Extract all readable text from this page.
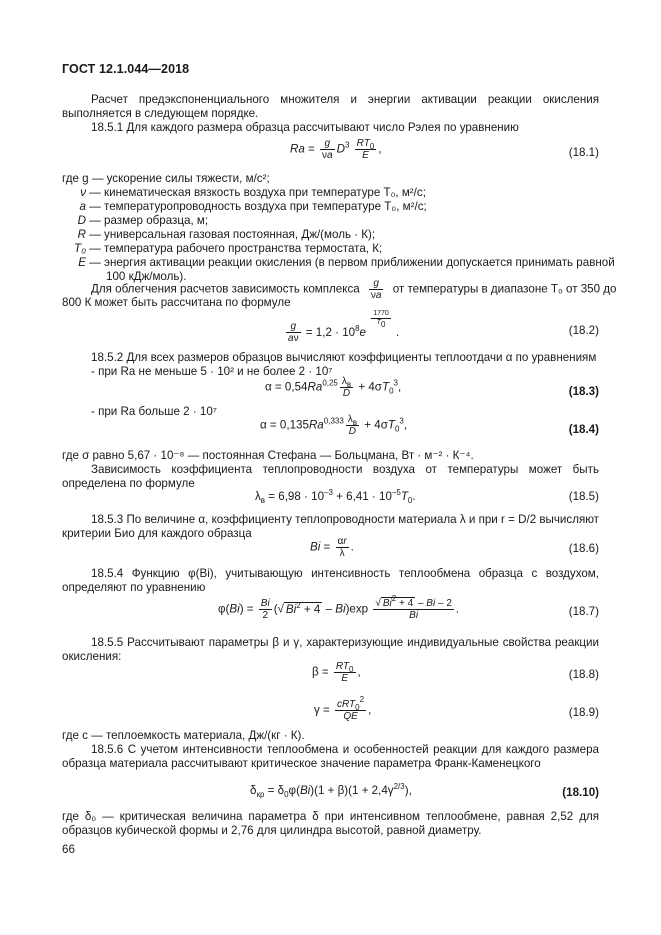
ГОСТ 12.1.044—2018
Расчет предэкспоненциального множителя и энергии активации реакции окисления выполняется в следующем порядке.
18.5.1 Для каждого размера образца рассчитывают число Рэлея по уравнению
$Ra = \frac{g}{\nu a} D^3 \frac{RT_0}{E}$ ,	(18.1)
где g — ускорение силы тяжести, м/с²;
ν — кинематическая вязкость воздуха при температуре T₀, м²/с;
a — температуропроводность воздуха при температуре T₀, м²/с;
D — размер образца, м;
R — универсальная газовая постоянная, Дж/(моль · К);
T₀ — температура рабочего пространства термостата, К;
E — энергия активации реакции окисления (в первом приближении допускается принимать равной
100 кДж/моль).
Для облегчения расчетов зависимость комплекса $\frac{g}{\nu a}$ от температуры в диапазоне T₀ от 350 до
800 К может быть рассчитана по формуле
$\frac{g}{a\nu} = 1,2 \cdot 10^8e$
$\frac{1770}{T_0}$
.	(18.2)
18.5.2 Для всех размеров образцов вычисляют коэффициенты теплоотдачи α по уравнениям
- при Ra не меньше 5 · 10² и не более 2 · 10⁷
$\alpha = 0,54Ra^{0,25} \frac{\lambda_в}{D} + 4\sigma T_0^3$,	(18.3)
- при Ra больше 2 · 10⁷
$\alpha = 0,135Ra^{0,333} \frac{\lambda_в}{D} + 4\sigma T_0^3$,	(18.4)
где σ равно 5,67 · 10⁻⁸ — постоянная Стефана — Больцмана, Вт · м⁻² · К⁻⁴.
Зависимость коэффициента теплопроводности воздуха от температуры может быть определена по формуле
$\lambda_в = 6,98 \cdot 10^{-3} + 6,41 \cdot 10^{-5}T_0$.	(18.5)
18.5.3 По величине α, коэффициенту теплопроводности материала λ и при r = D/2 вычисляют критерии Био для каждого образца
$Bi = \frac{\alpha r}{\lambda}$ .	(18.6)
18.5.4 Функцию φ(Bi), учитывающую интенсивность теплообмена образца с воздухом, определяют по уравнению
$\varphi(Bi) = \frac{Bi}{2}$ (√ $Bi^2 + 4 - Bi)\exp \frac{√ Bi^2 + 4 - Bi - 2}{Bi}$ .	(18.7)
18.5.5 Рассчитывают параметры β и γ, характеризующие индивидуальные свойства реакции окисления:
$\beta = \frac{RT_0}{E}$ ,	(18.8)
$\gamma = \frac{cRT_0^2}{QE}$ ,	(18.9)
где c — теплоемкость материала, Дж/(кг · К).
18.5.6 С учетом интенсивности теплообмена и особенностей реакции для каждого размера образца материала рассчитывают критическое значение параметра Франк-Каменецкого
$\delta_{кр} = \delta_0\varphi(Bi)(1 + \beta)(1 + 2,4\gamma^{2/3})$,	(18.10)
где δ₀ — критическая величина параметра δ при интенсивном теплообмене, равная 2,52 для образцов кубической формы и 2,76 для цилиндра высотой, равной диаметру.
66
